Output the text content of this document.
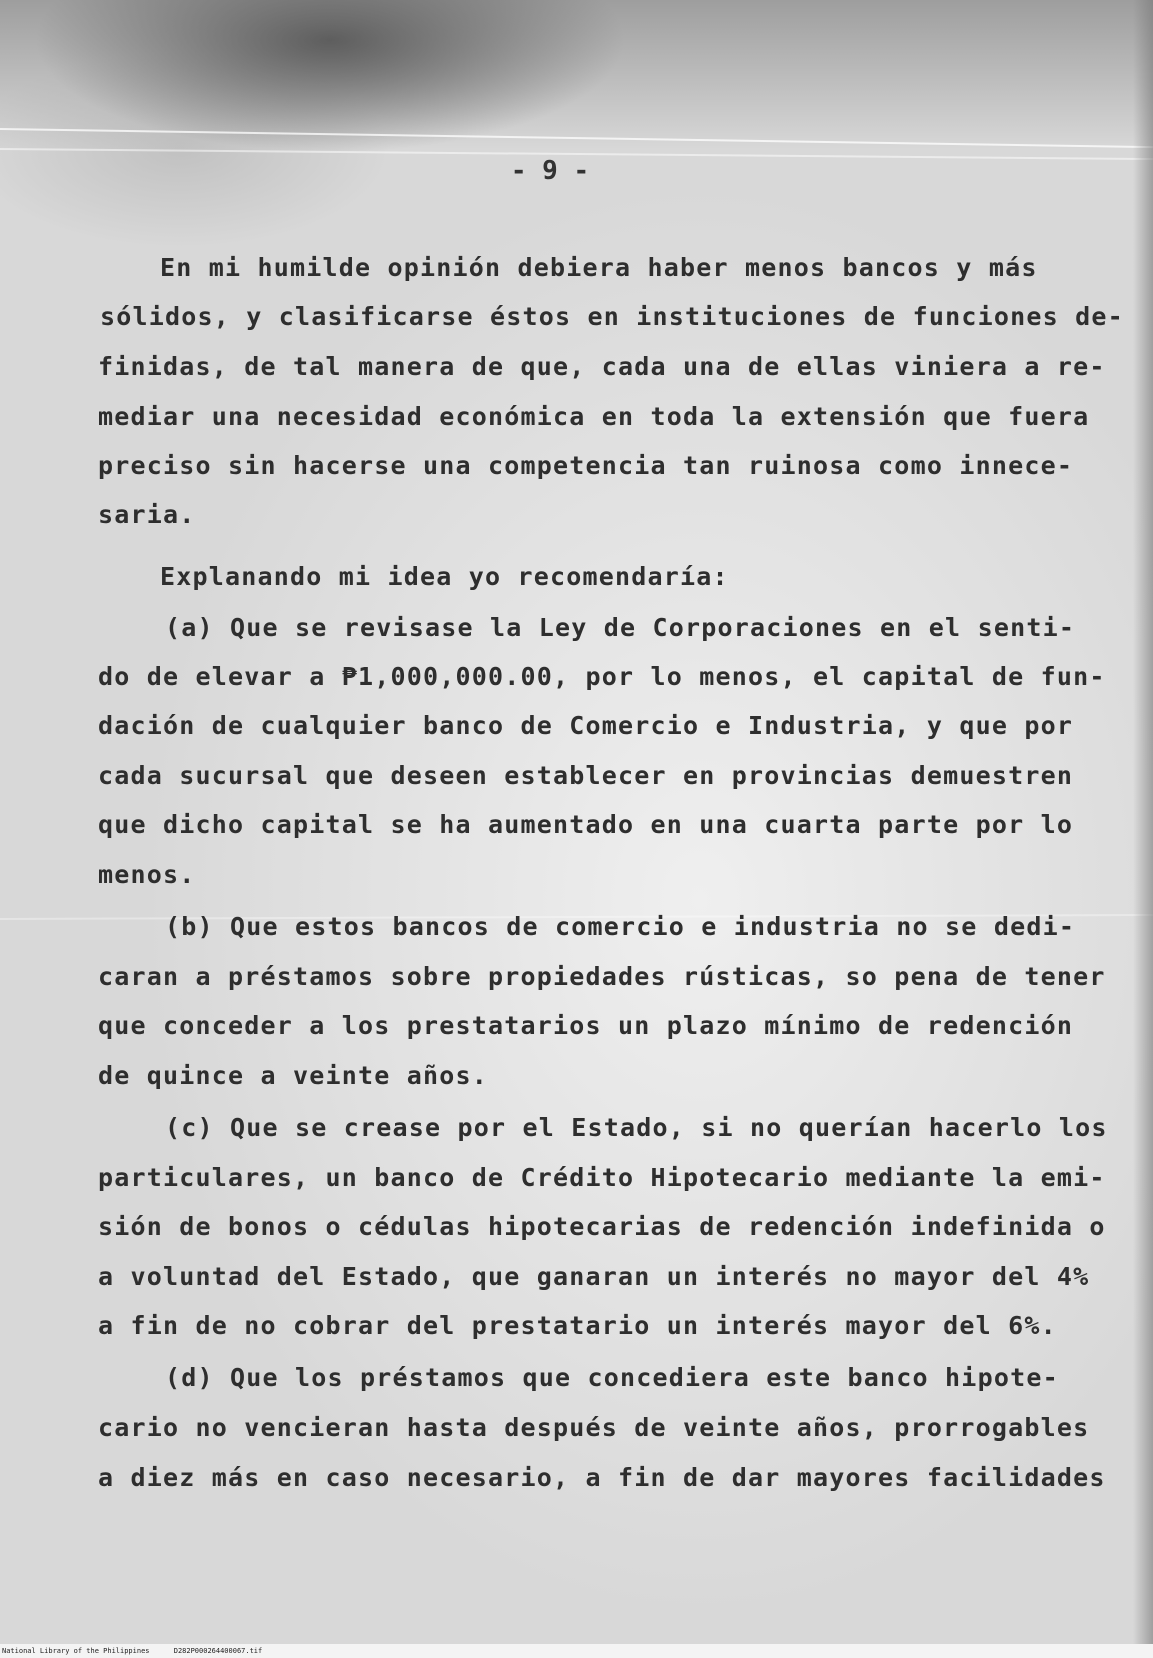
- 9 -
En mi humilde opinión debiera haber menos bancos y más
sólidos, y clasificarse éstos en instituciones de funciones de-
finidas, de tal manera de que, cada una de ellas viniera a re-
mediar una necesidad económica en toda la extensión que fuera
preciso sin hacerse una competencia tan ruinosa como innece-
saria.
Explanando mi idea yo recomendaría:
(a) Que se revisase la Ley de Corporaciones en el senti-
do de elevar a ₱1,000,000.00, por lo menos, el capital de fun-
dación de cualquier banco de Comercio e Industria, y que por
cada sucursal que deseen establecer en provincias demuestren
que dicho capital se ha aumentado en una cuarta parte por lo
menos.
(b) Que estos bancos de comercio e industria no se dedi-
caran a préstamos sobre propiedades rústicas, so pena de tener
que conceder a los prestatarios un plazo mínimo de redención
de quince a veinte años.
(c) Que se crease por el Estado, si no querían hacerlo los
particulares, un banco de Crédito Hipotecario mediante la emi-
sión de bonos o cédulas hipotecarias de redención indefinida o
a voluntad del Estado, que ganaran un interés no mayor del 4%
a fin de no cobrar del prestatario un interés mayor del 6%.
(d) Que los préstamos que concediera este banco hipote-
cario no vencieran hasta después de veinte años, prorrogables
a diez más en caso necesario, a fin de dar mayores facilidades
National Library of the Philippines	D282P000264400067.tif
